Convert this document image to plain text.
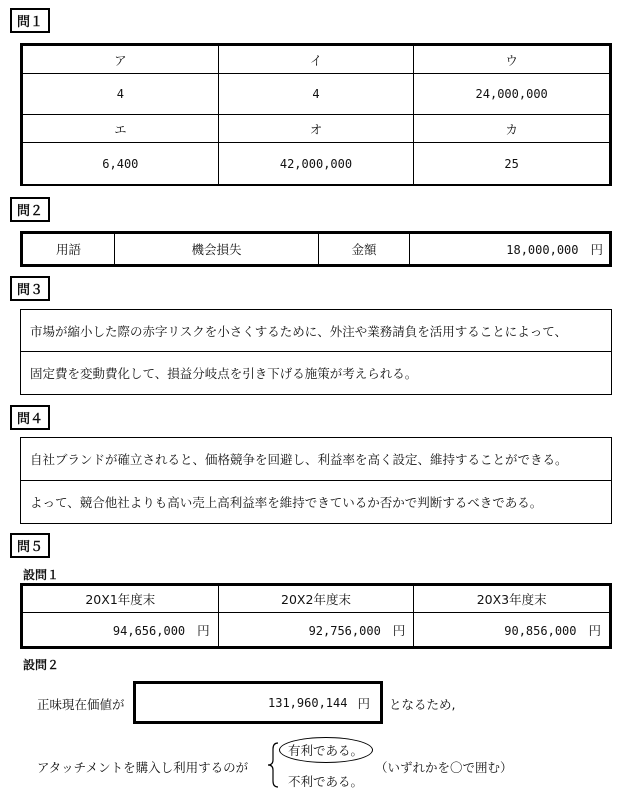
問１
ア	イ	ウ
4	4	24,000,000
エ	オ	カ
6,400	42,000,000	25
問２
用語	機会損失	金額	18,000,000 円
問３
市場が縮小した際の赤字リスクを小さくするために、外注や業務請負を活用することによって、
固定費を変動費化して、損益分岐点を引き下げる施策が考えられる。
問４
自社ブランドが確立されると、価格競争を回避し、利益率を高く設定、維持することができる。
よって、競合他社よりも高い売上高利益率を維持できているか否かで判断するべきである。
問５
設問１
20X1年度末	20X2年度末	20X3年度末
94,656,000 円	92,756,000 円	90,856,000 円
設問２
正味現在価値が	131,960,144 円 となるため,
アタッチメントを購入し利用するのが
有利である。
不利である。
（いずれかを〇で囲む）
